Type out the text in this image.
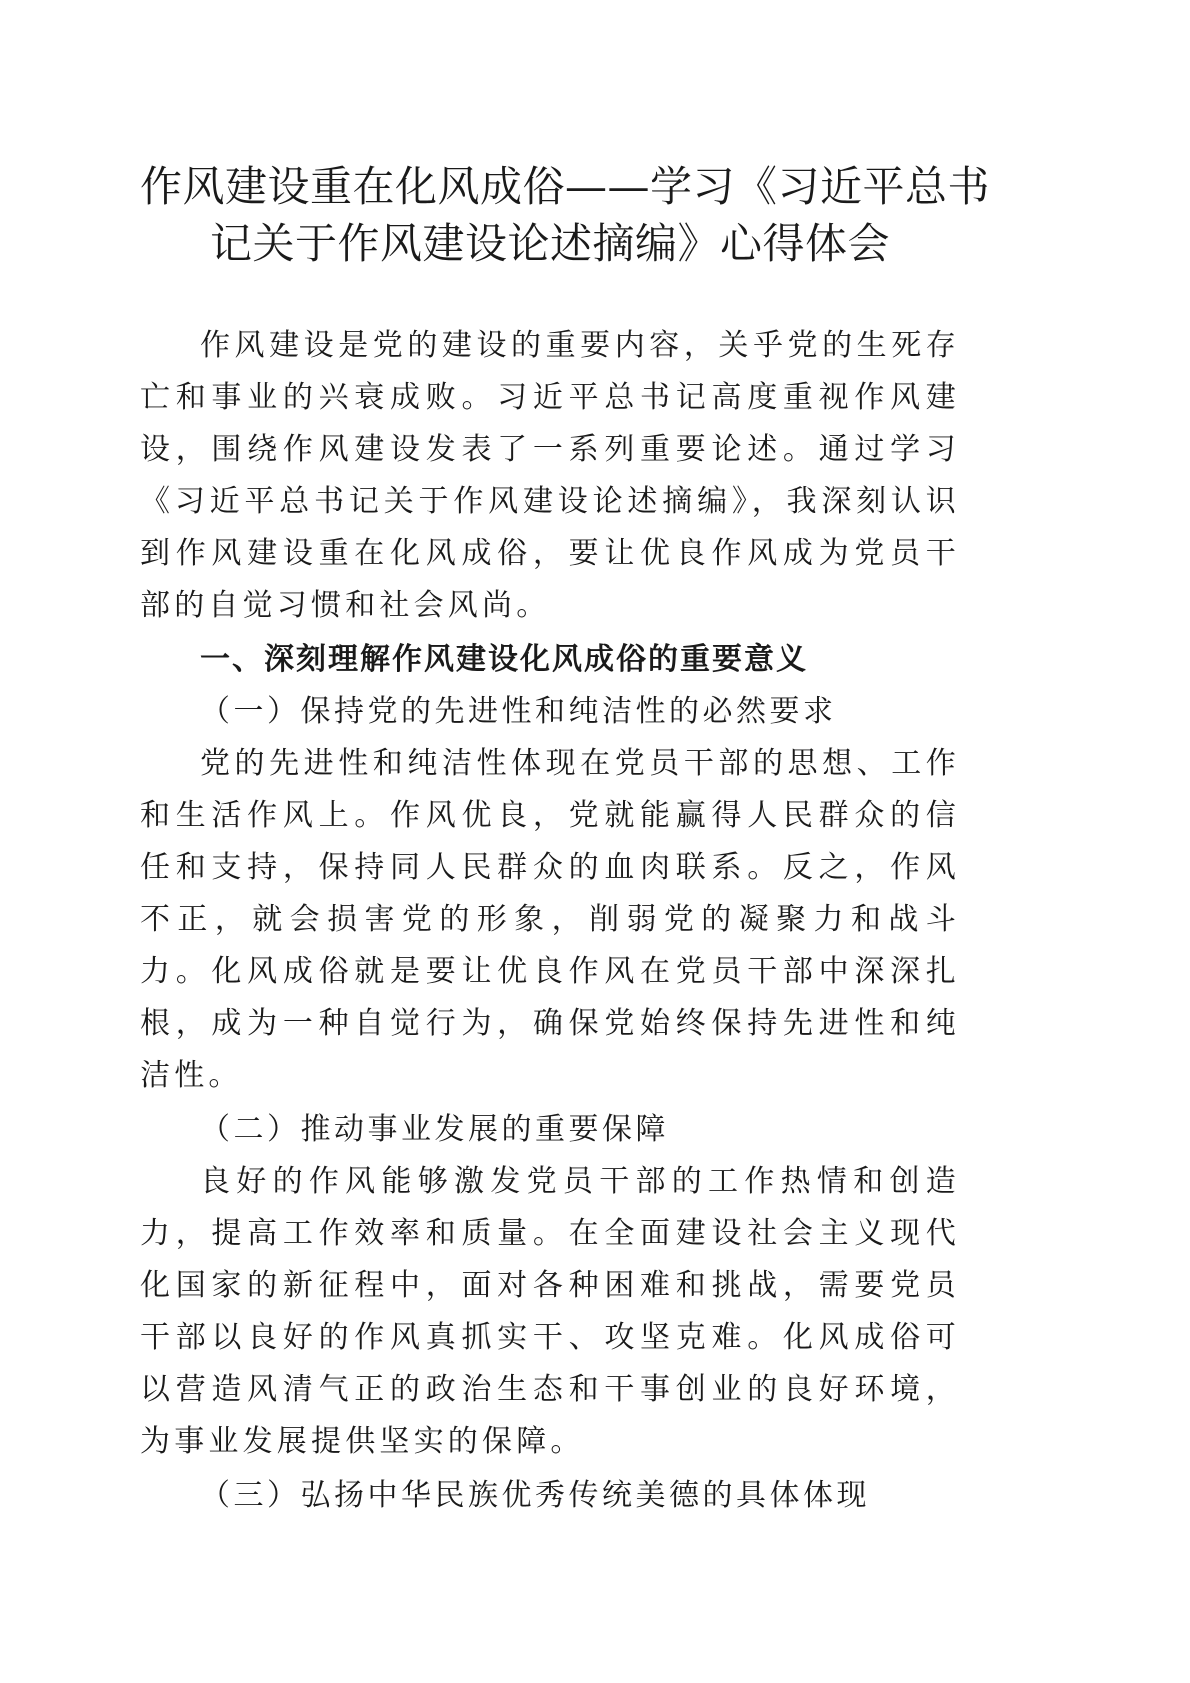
作风建设重在化风成俗——学习《习近平总书
记关于作风建设论述摘编》心得体会

作风建设是党的建设的重要内容，关乎党的生死存亡和事业的兴衰成败。习近平总书记高度重视作风建设，围绕作风建设发表了一系列重要论述。通过学习《习近平总书记关于作风建设论述摘编》，我深刻认识到作风建设重在化风成俗，要让优良作风成为党员干部的自觉习惯和社会风尚。

一、深刻理解作风建设化风成俗的重要意义

（一）保持党的先进性和纯洁性的必然要求

党的先进性和纯洁性体现在党员干部的思想、工作和生活作风上。作风优良，党就能赢得人民群众的信任和支持，保持同人民群众的血肉联系。反之，作风不正，就会损害党的形象，削弱党的凝聚力和战斗力。化风成俗就是要让优良作风在党员干部中深深扎根，成为一种自觉行为，确保党始终保持先进性和纯洁性。

（二）推动事业发展的重要保障

良好的作风能够激发党员干部的工作热情和创造力，提高工作效率和质量。在全面建设社会主义现代化国家的新征程中，面对各种困难和挑战，需要党员干部以良好的作风真抓实干、攻坚克难。化风成俗可以营造风清气正的政治生态和干事创业的良好环境，为事业发展提供坚实的保障。

（三）弘扬中华民族优秀传统美德的具体体现
